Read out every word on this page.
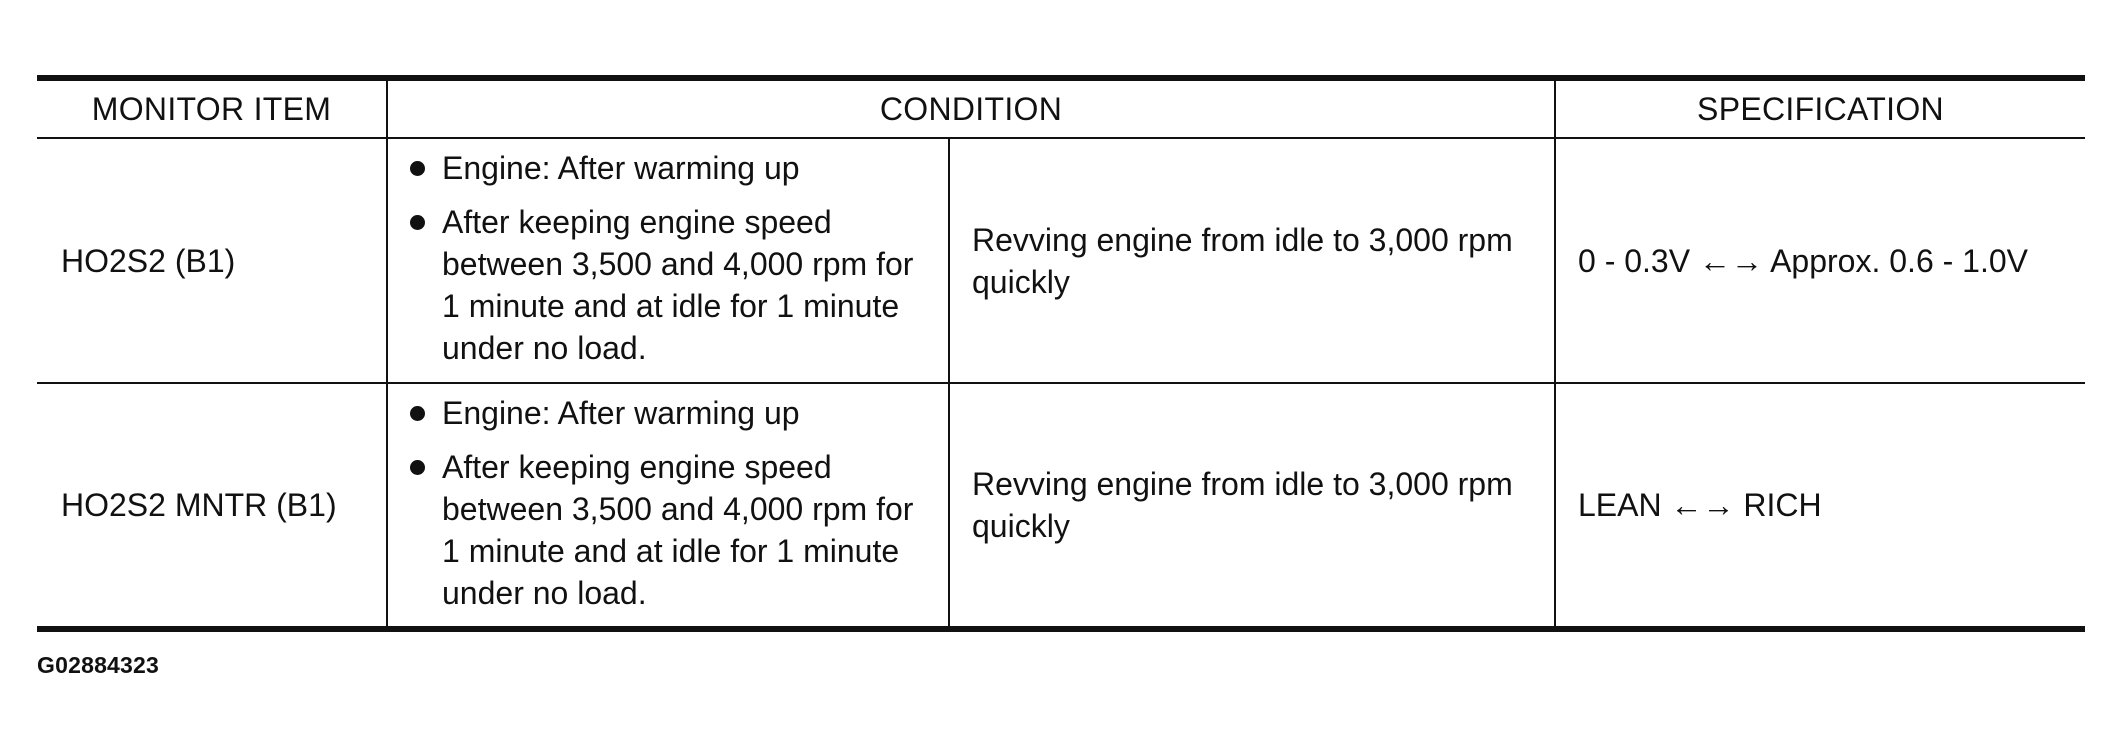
MONITOR ITEM	CONDITION	SPECIFICATION
HO2S2 (B1)
Engine: After warming up
After keeping engine speed between 3,500 and 4,000 rpm for 1 minute and at idle for 1 minute under no load.
Revving engine from idle to 3,000 rpm quickly
0 - 0.3V ←→ Approx. 0.6 - 1.0V
HO2S2 MNTR (B1)
Engine: After warming up
After keeping engine speed between 3,500 and 4,000 rpm for 1 minute and at idle for 1 minute under no load.
Revving engine from idle to 3,000 rpm quickly
LEAN ←→ RICH
G02884323
